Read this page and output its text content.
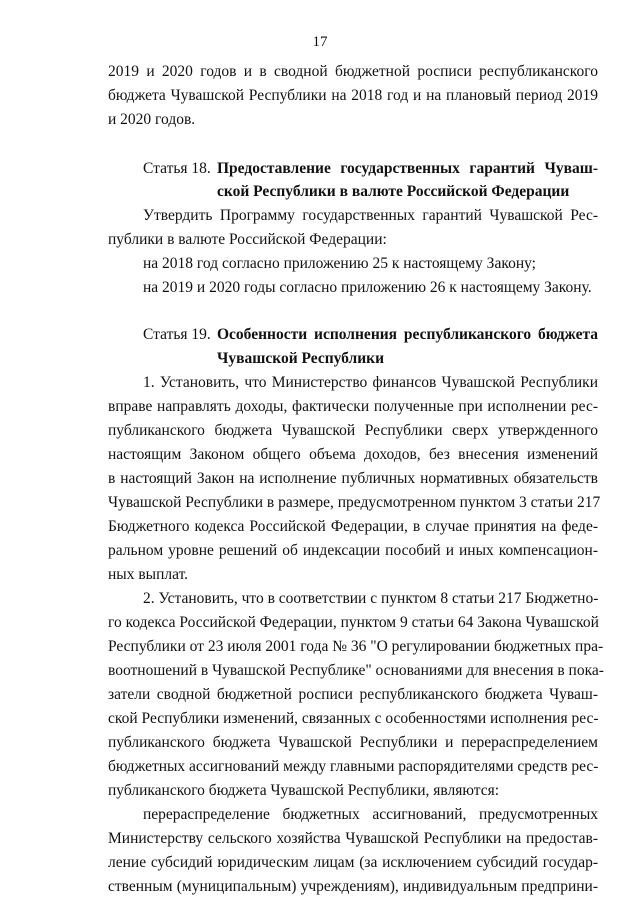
17
2019 и 2020 годов и в сводной бюджетной росписи республиканского
бюджета Чувашской Республики на 2018 год и на плановый период 2019
и 2020 годов.
Статья 18. Предоставление государственных гарантий Чуваш-
ской Республики в валюте Российской Федерации
Утвердить Программу государственных гарантий Чувашской Рес-
публики в валюте Российской Федерации:
на 2018 год согласно приложению 25 к настоящему Закону;
на 2019 и 2020 годы согласно приложению 26 к настоящему Закону.
Статья 19. Особенности исполнения республиканского бюджета
Чувашской Республики
1. Установить, что Министерство финансов Чувашской Республики
вправе направлять доходы, фактически полученные при исполнении рес-
публиканского бюджета Чувашской Республики сверх утвержденного
настоящим Законом общего объема доходов, без внесения изменений
в настоящий Закон на исполнение публичных нормативных обязательств
Чувашской Республики в размере, предусмотренном пунктом 3 статьи 217
Бюджетного кодекса Российской Федерации, в случае принятия на феде-
ральном уровне решений об индексации пособий и иных компенсацион-
ных выплат.
2. Установить, что в соответствии с пунктом 8 статьи 217 Бюджетно-
го кодекса Российской Федерации, пунктом 9 статьи 64 Закона Чувашской
Республики от 23 июля 2001 года № 36 "О регулировании бюджетных пра-
воотношений в Чувашской Республике" основаниями для внесения в пока-
затели сводной бюджетной росписи республиканского бюджета Чуваш-
ской Республики изменений, связанных с особенностями исполнения рес-
публиканского бюджета Чувашской Республики и перераспределением
бюджетных ассигнований между главными распорядителями средств рес-
публиканского бюджета Чувашской Республики, являются:
перераспределение бюджетных ассигнований, предусмотренных
Министерству сельского хозяйства Чувашской Республики на предостав-
ление субсидий юридическим лицам (за исключением субсидий государ-
ственным (муниципальным) учреждениям), индивидуальным предприни-
